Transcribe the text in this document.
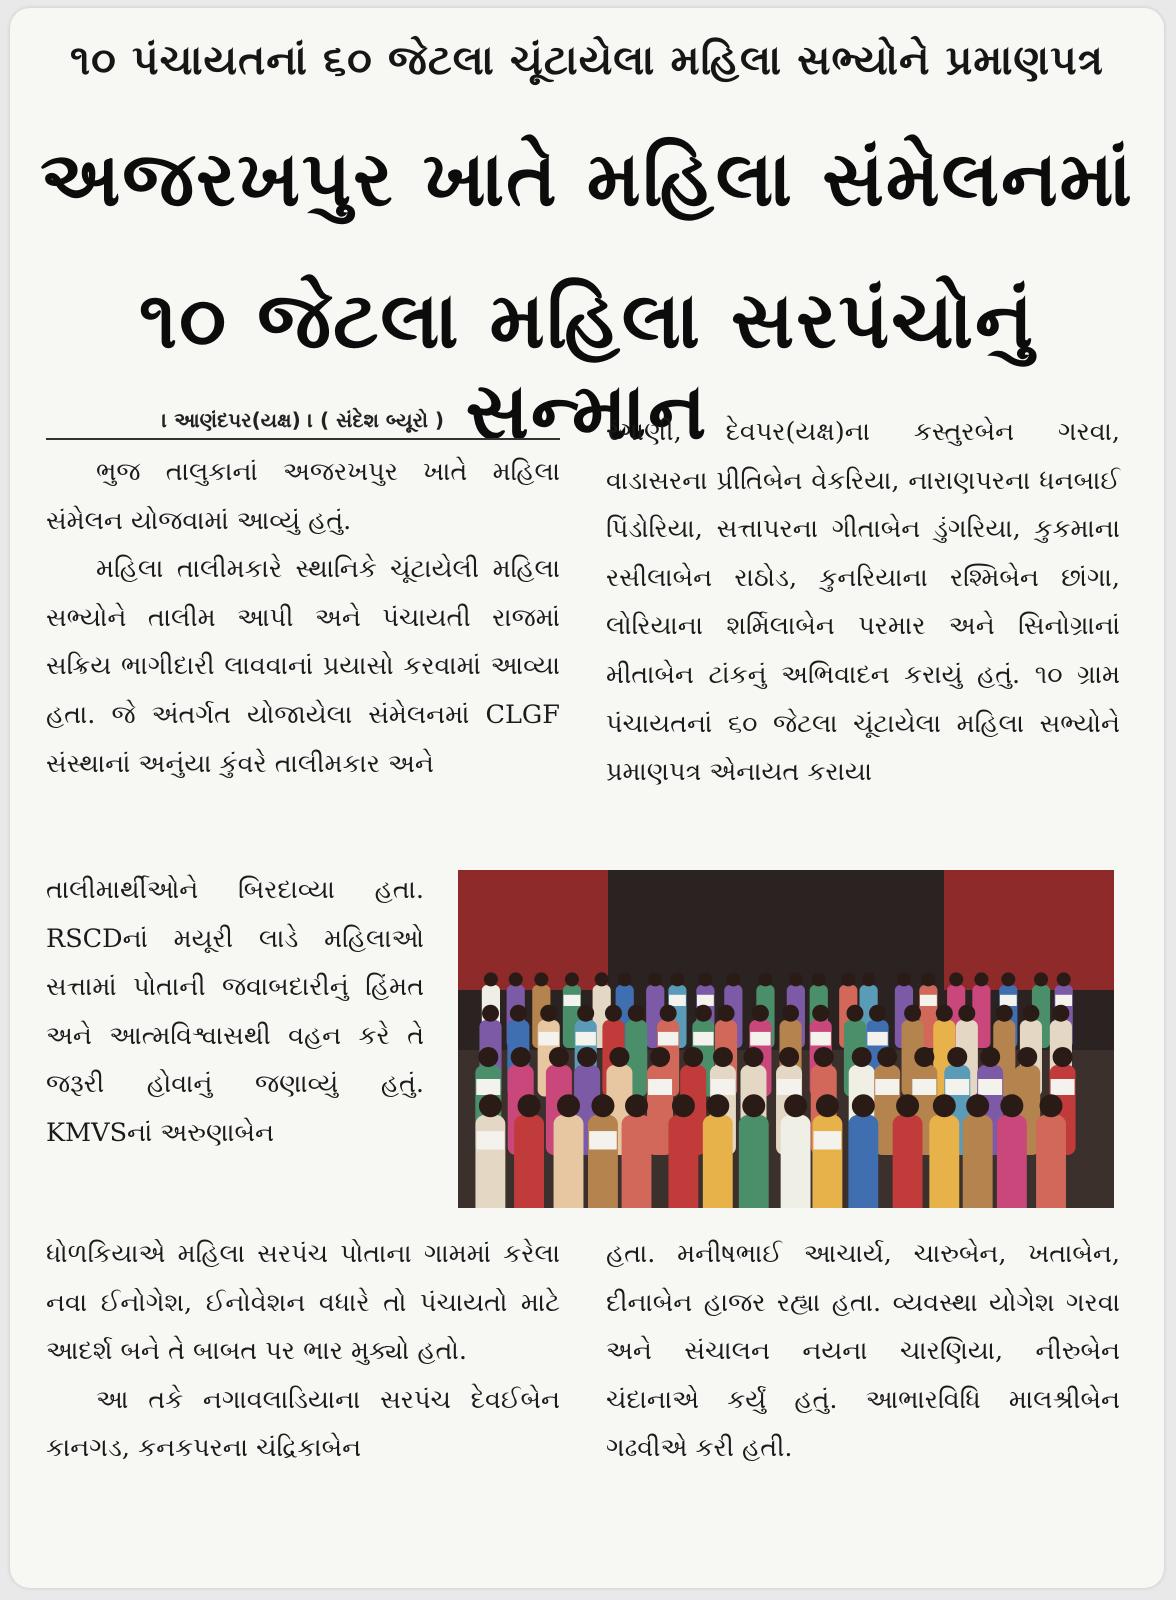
૧૦ પંચાયતનાં ૬૦ જેટલા ચૂંટાયેલા મહિલા સભ્યોને પ્રમાણપત્ર
અજરખપુર ખાતે મહિલા સંમેલનમાં
૧૦ જેટલા મહિલા સરપંચોનું સન્માન
। આણંદપર(યક્ષ) । ( સંદેશ બ્યૂરો )

ભુજ તાલુકાનાં અજરખપુર ખાતે મહિલા સંમેલન યોજવામાં આવ્યું હતું.

મહિલા તાલીમકારે સ્થાનિકે ચૂંટાયેલી મહિલા સભ્યોને તાલીમ આપી અને પંચાયતી રાજમાં સક્રિય ભાગીદારી લાવવાનાં પ્રયાસો કરવામાં આવ્યા હતા. જે અંતર્ગત યોજાયેલા સંમેલનમાં CLGF સંસ્થાનાં અનુંયા કુંવરે તાલીમકાર અને

તાલીમાર્થીઓને બિરદાવ્યા હતા. RSCDનાં મયૂરી લાડે મહિલાઓ સત્તામાં પોતાની જવાબદારીનું હિંમત અને આત્મવિશ્વાસથી વહન કરે તે જરૂરી હોવાનું જણાવ્યું હતું. KMVSનાં અરુણાબેન

ધોળકિયાએ મહિલા સરપંચ પોતાના ગામમાં કરેલા નવા ઈનોગેશ, ઈનોવેશન વધારે તો પંચાયતો માટે આદર્શ બને તે બાબત પર ભાર મુક્યો હતો.

આ તકે નગાવલાડિયાના સરપંચ દેવઈબેન કાનગડ, કનકપરના ચંદ્રિકાબેન

રંગાણી, દેવપર(યક્ષ)ના કસ્તુરબેન ગરવા, વાડાસરના પ્રીતિબેન વેકરિયા, નારાણપરના ધનબાઈ પિંડોરિયા, સત્તાપરના ગીતાબેન ડુંગરિયા, કુકમાના રસીલાબેન રાઠોડ, કુનરિયાના રશ્મિબેન છાંગા, લોરિયાના શર્મિલાબેન પરમાર અને સિનોગ્રાનાં મીતાબેન ટાંકનું અભિવાદન કરાયું હતું. ૧૦ ગ્રામ પંચાયતનાં ૬૦ જેટલા ચૂંટાયેલા મહિલા સભ્યોને પ્રમાણપત્ર એનાયત કરાયા

હતા. મનીષભાઈ આચાર્ય, ચારુબેન, ખતાબેન, દીનાબેન હાજર રહ્યા હતા. વ્યવસ્થા યોગેશ ગરવા અને સંચાલન નયના ચારણિયા, નીરુબેન ચંદાનાએ કર્યું હતું. આભારવિધિ માલશ્રીબેન ગઢવીએ કરી હતી.
